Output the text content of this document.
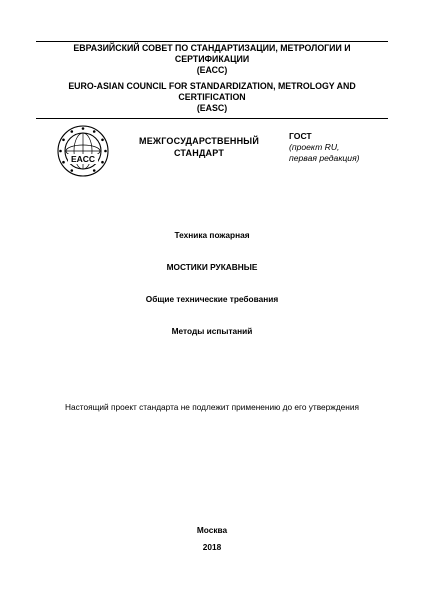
ЕВРАЗИЙСКИЙ СОВЕТ ПО СТАНДАРТИЗАЦИИ, МЕТРОЛОГИИ И

СЕРТИФИКАЦИИ

(ЕАСС)

EURO-ASIAN COUNCIL FOR STANDARDIZATION, METROLOGY AND

CERTIFICATION

(EASC)

EACC

МЕЖГОСУДАРСТВЕННЫЙ

СТАНДАРТ

ГОСТ

(проект RU,

первая редакция)

Техника пожарная
МОСТИКИ РУКАВНЫЕ
Общие технические требования
Методы испытаний
Настоящий проект стандарта не подлежит применению до его утверждения
Москва
2018
